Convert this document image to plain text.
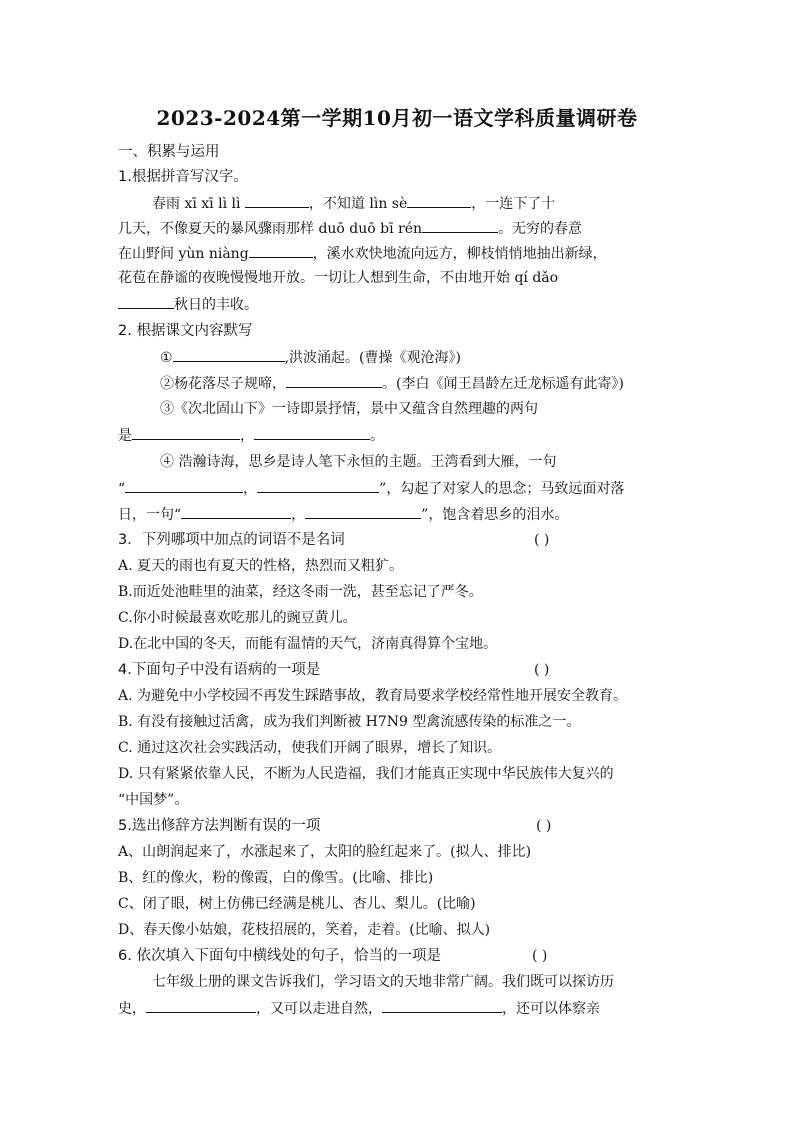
2023-2024第一学期10月初一语文学科质量调研卷
一、积累与运用
1.根据拼音写汉字。
春雨 xī xī lì lì	，不知道 lìn sè	，一连下了十
几天，不像夏天的暴风骤雨那样 duō duō bī rén	。无穷的春意
在山野间 yùn niàng	，溪水欢快地流向远方，柳枝悄悄地抽出新绿，
花苞在静谧的夜晚慢慢地开放。一切让人想到生命，不由地开始 qí dǎo
秋日的丰收。
2. 根据课文内容默写
①	,洪波涌起。(曹操《观沧海》)
②杨花落尽子规啼，	。(李白《闻王昌龄左迁龙标遥有此寄》)
③《次北固山下》一诗即景抒情，景中又蕴含自然理趣的两句
是	，	。
④ 浩瀚诗海，思乡是诗人笔下永恒的主题。王湾看到大雁，一句
“	，	”，勾起了对家人的思念；马致远面对落
日，一句“	，	”，饱含着思乡的泪水。
3．下列哪项中加点的词语不是名词	( )
A. 夏天的雨也有夏天的性格，热烈而又粗犷。
B.而近处池畦里的油菜，经这冬雨一洗，甚至忘记了严冬。
C.你小时候最喜欢吃那儿的豌豆黄儿。
D.在北中国的冬天，而能有温情的天气，济南真得算个宝地。
4.下面句子中没有语病的一项是	( )
A. 为避免中小学校园不再发生踩踏事故，教育局要求学校经常性地开展安全教育。
B. 有没有接触过活禽，成为我们判断被 H7N9 型禽流感传染的标准之一。
C. 通过这次社会实践活动，使我们开阔了眼界，增长了知识。
D. 只有紧紧依靠人民，不断为人民造福，我们才能真正实现中华民族伟大复兴的
“中国梦”。
5.选出修辞方法判断有误的一项	( )
A、山朗润起来了，水涨起来了，太阳的脸红起来了。(拟人、排比)
B、红的像火，粉的像霞，白的像雪。(比喻、排比)
C、闭了眼，树上仿佛已经满是桃儿、杏儿、梨儿。(比喻)
D、春天像小姑娘，花枝招展的，笑着，走着。(比喻、拟人)
6. 依次填入下面句中横线处的句子，恰当的一项是	( )
七年级上册的课文告诉我们，学习语文的天地非常广阔。我们既可以探访历
史，	，又可以走进自然，	，还可以体察亲
